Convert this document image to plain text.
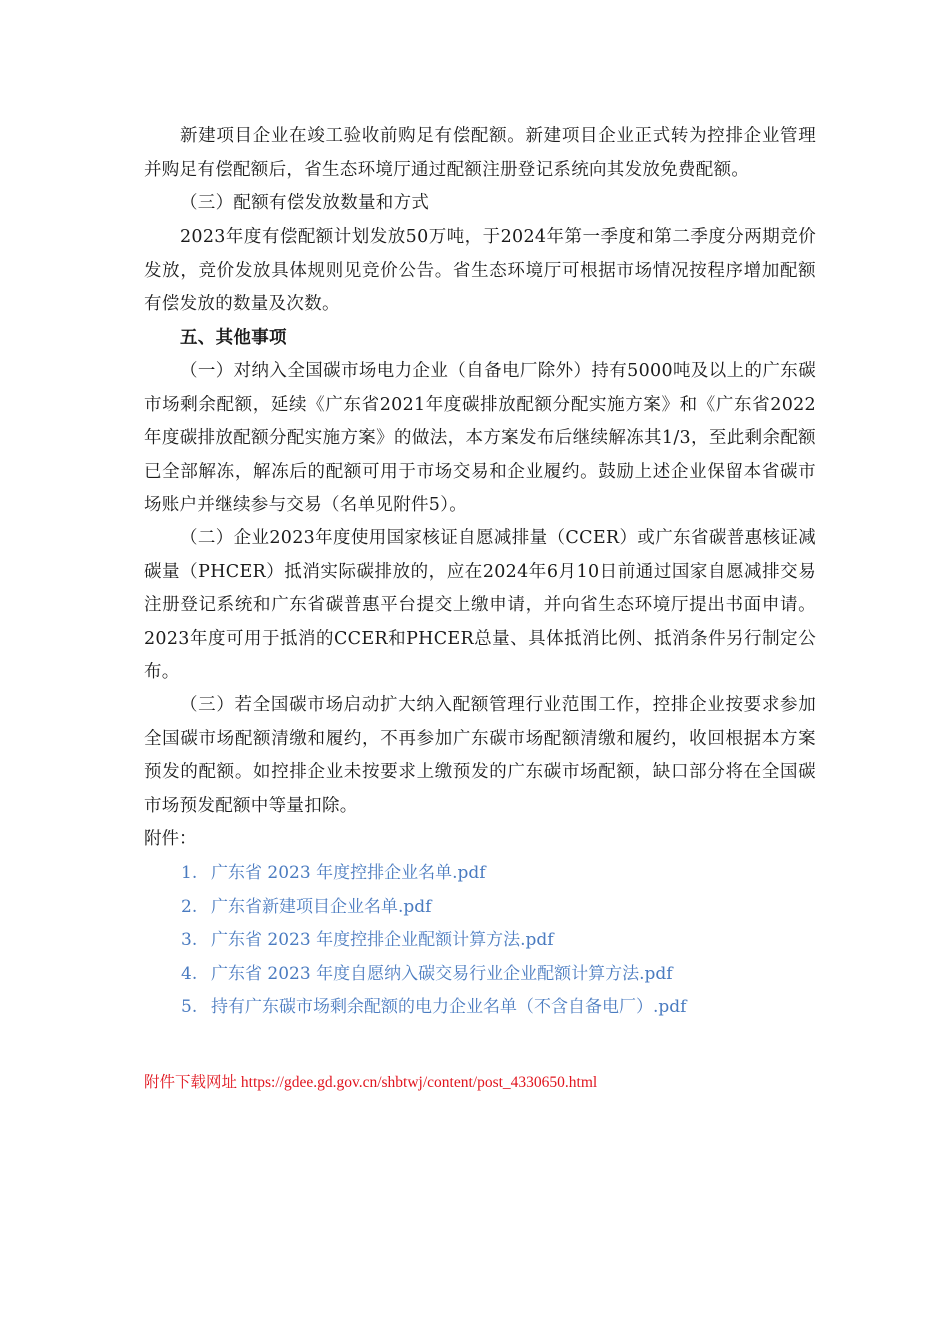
新建项目企业在竣工验收前购足有偿配额。新建项目企业正式转为控排企业管理并购足有偿配额后，省生态环境厅通过配额注册登记系统向其发放免费配额。

（三）配额有偿发放数量和方式

2023年度有偿配额计划发放50万吨，于2024年第一季度和第二季度分两期竞价发放，竞价发放具体规则见竞价公告。省生态环境厅可根据市场情况按程序增加配额有偿发放的数量及次数。

五、其他事项

（一）对纳入全国碳市场电力企业（自备电厂除外）持有5000吨及以上的广东碳市场剩余配额，延续《广东省2021年度碳排放配额分配实施方案》和《广东省2022年度碳排放配额分配实施方案》的做法，本方案发布后继续解冻其1/3，至此剩余配额已全部解冻，解冻后的配额可用于市场交易和企业履约。鼓励上述企业保留本省碳市场账户并继续参与交易（名单见附件5）。

（二）企业2023年度使用国家核证自愿减排量（CCER）或广东省碳普惠核证减碳量（PHCER）抵消实际碳排放的，应在2024年6月10日前通过国家自愿减排交易注册登记系统和广东省碳普惠平台提交上缴申请，并向省生态环境厅提出书面申请。2023年度可用于抵消的CCER和PHCER总量、具体抵消比例、抵消条件另行制定公布。

（三）若全国碳市场启动扩大纳入配额管理行业范围工作，控排企业按要求参加全国碳市场配额清缴和履约，不再参加广东碳市场配额清缴和履约，收回根据本方案预发的配额。如控排企业未按要求上缴预发的广东碳市场配额，缺口部分将在全国碳市场预发配额中等量扣除。

附件：
1. 广东省 2023 年度控排企业名单.pdf
2. 广东省新建项目企业名单.pdf
3. 广东省 2023 年度控排企业配额计算方法.pdf
4. 广东省 2023 年度自愿纳入碳交易行业企业配额计算方法.pdf
5. 持有广东碳市场剩余配额的电力企业名单（不含自备电厂）.pdf
附件下载网址 https://gdee.gd.gov.cn/shbtwj/content/post_4330650.html
